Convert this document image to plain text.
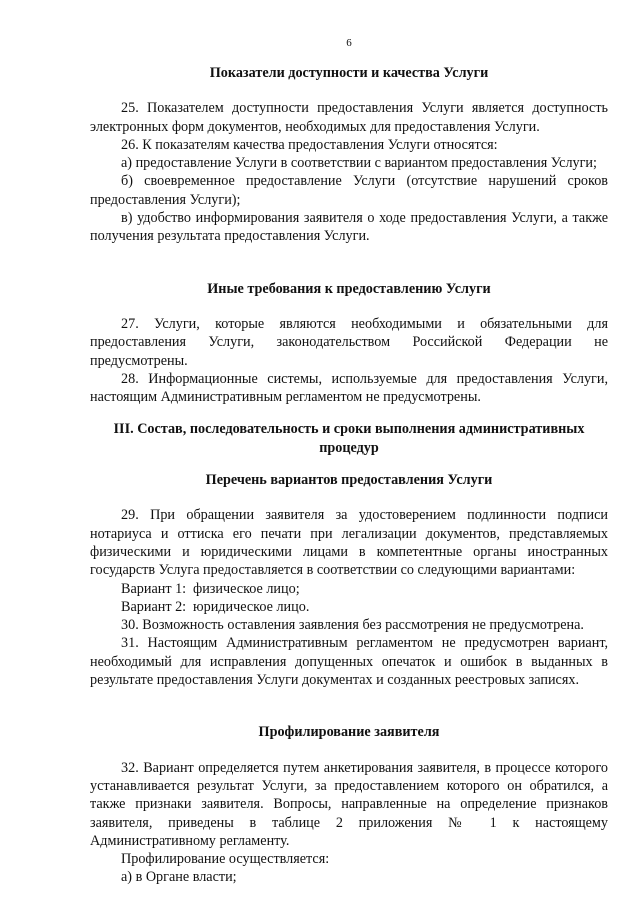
6
Показатели доступности и качества Услуги

25. Показателем доступности предоставления Услуги является доступность электронных форм документов, необходимых для предоставления Услуги.

26. К показателям качества предоставления Услуги относятся:

а) предоставление Услуги в соответствии с вариантом предоставления Услуги;

б) своевременное предоставление Услуги (отсутствие нарушений сроков предоставления Услуги);

в) удобство информирования заявителя о ходе предоставления Услуги, а также получения результата предоставления Услуги.

Иные требования к предоставлению Услуги

27. Услуги, которые являются необходимыми и обязательными для предоставления Услуги, законодательством Российской Федерации не предусмотрены.

28. Информационные системы, используемые для предоставления Услуги, настоящим Административным регламентом не предусмотрены.

III. Состав, последовательность и сроки выполнения административных
процедур
Перечень вариантов предоставления Услуги

29. При обращении заявителя за удостоверением подлинности подписи нотариуса и оттиска его печати при легализации документов, представляемых физическими и юридическими лицами в компетентные органы иностранных государств Услуга предоставляется в соответствии со следующими вариантами:

Вариант 1: физическое лицо;

Вариант 2: юридическое лицо.

30. Возможность оставления заявления без рассмотрения не предусмотрена.

31. Настоящим Административным регламентом не предусмотрен вариант, необходимый для исправления допущенных опечаток и ошибок в выданных в результате предоставления Услуги документах и созданных реестровых записях.

Профилирование заявителя

32. Вариант определяется путем анкетирования заявителя, в процессе которого устанавливается результат Услуги, за предоставлением которого он обратился, а также признаки заявителя. Вопросы, направленные на определение признаков заявителя, приведены в таблице 2 приложения № 1 к настоящему Административному регламенту.

Профилирование осуществляется:

а) в Органе власти;
